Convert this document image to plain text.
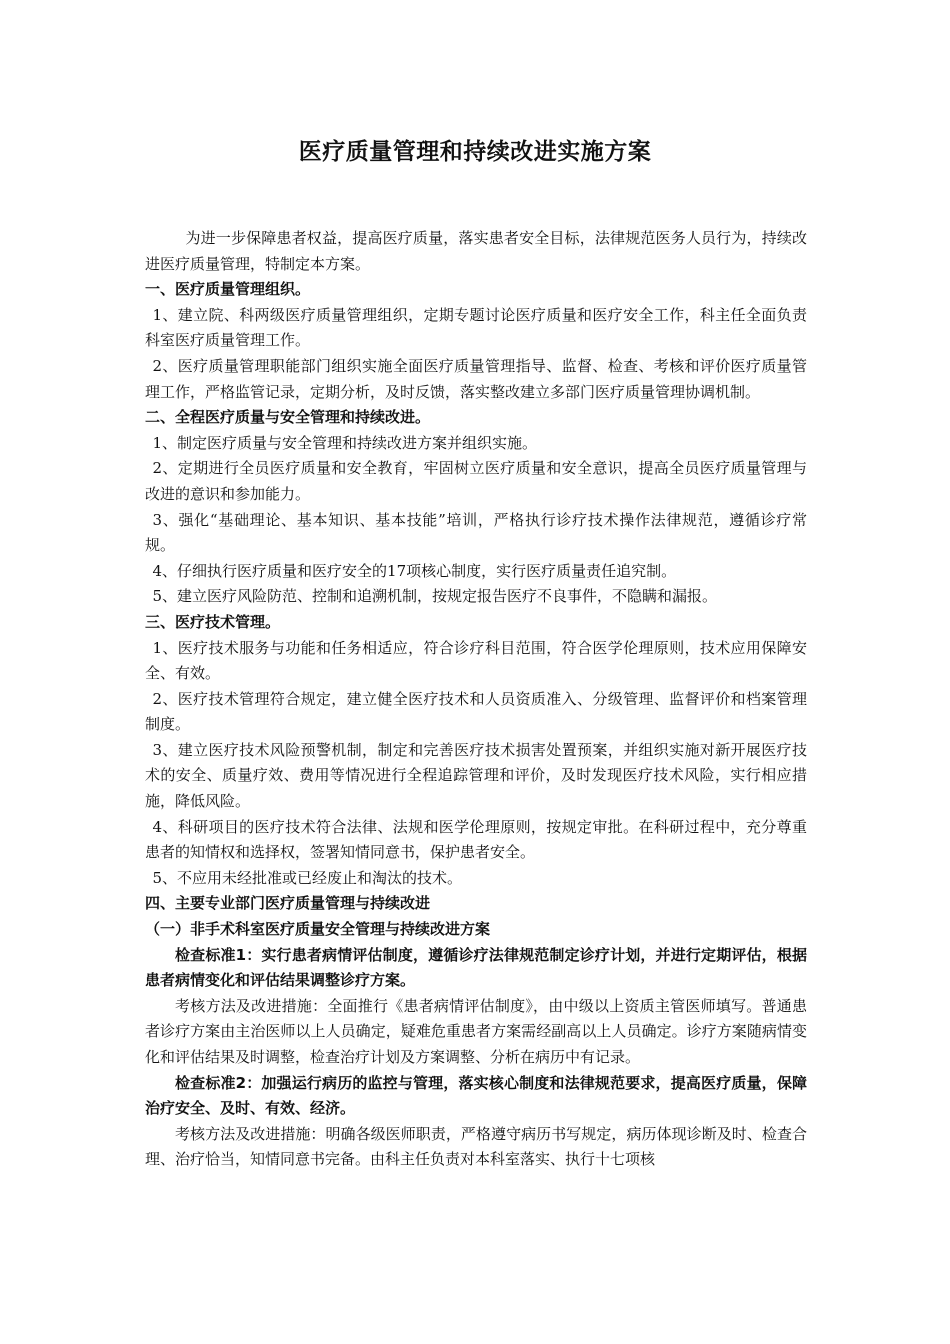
医疗质量管理和持续改进实施方案

为进一步保障患者权益，提高医疗质量，落实患者安全目标，法律规范医务人员行为，持续改进医疗质量管理，特制定本方案。

一、医疗质量管理组织。

1、建立院、科两级医疗质量管理组织，定期专题讨论医疗质量和医疗安全工作，科主任全面负责科室医疗质量管理工作。

2、医疗质量管理职能部门组织实施全面医疗质量管理指导、监督、检查、考核和评价医疗质量管理工作，严格监管记录，定期分析，及时反馈，落实整改建立多部门医疗质量管理协调机制。

二、全程医疗质量与安全管理和持续改进。

1、制定医疗质量与安全管理和持续改进方案并组织实施。

2、定期进行全员医疗质量和安全教育，牢固树立医疗质量和安全意识，提高全员医疗质量管理与改进的意识和参加能力。

3、强化“基础理论、基本知识、基本技能”培训，严格执行诊疗技术操作法律规范，遵循诊疗常规。

4、仔细执行医疗质量和医疗安全的17项核心制度，实行医疗质量责任追究制。

5、建立医疗风险防范、控制和追溯机制，按规定报告医疗不良事件，不隐瞒和漏报。

三、医疗技术管理。

1、医疗技术服务与功能和任务相适应，符合诊疗科目范围，符合医学伦理原则，技术应用保障安全、有效。

2、医疗技术管理符合规定，建立健全医疗技术和人员资质准入、分级管理、监督评价和档案管理制度。

3、建立医疗技术风险预警机制，制定和完善医疗技术损害处置预案，并组织实施对新开展医疗技术的安全、质量疗效、费用等情况进行全程追踪管理和评价，及时发现医疗技术风险，实行相应措施，降低风险。

4、科研项目的医疗技术符合法律、法规和医学伦理原则，按规定审批。在科研过程中，充分尊重患者的知情权和选择权，签署知情同意书，保护患者安全。

5、不应用未经批准或已经废止和淘汰的技术。

四、主要专业部门医疗质量管理与持续改进

（一）非手术科室医疗质量安全管理与持续改进方案

检查标准1：实行患者病情评估制度，遵循诊疗法律规范制定诊疗计划，并进行定期评估，根据患者病情变化和评估结果调整诊疗方案。

考核方法及改进措施：全面推行《患者病情评估制度》，由中级以上资质主管医师填写。普通患者诊疗方案由主治医师以上人员确定，疑难危重患者方案需经副高以上人员确定。诊疗方案随病情变化和评估结果及时调整，检查治疗计划及方案调整、分析在病历中有记录。

检查标准2：加强运行病历的监控与管理，落实核心制度和法律规范要求，提高医疗质量，保障治疗安全、及时、有效、经济。

考核方法及改进措施：明确各级医师职责，严格遵守病历书写规定，病历体现诊断及时、检查合理、治疗恰当，知情同意书完备。由科主任负责对本科室落实、执行十七项核
